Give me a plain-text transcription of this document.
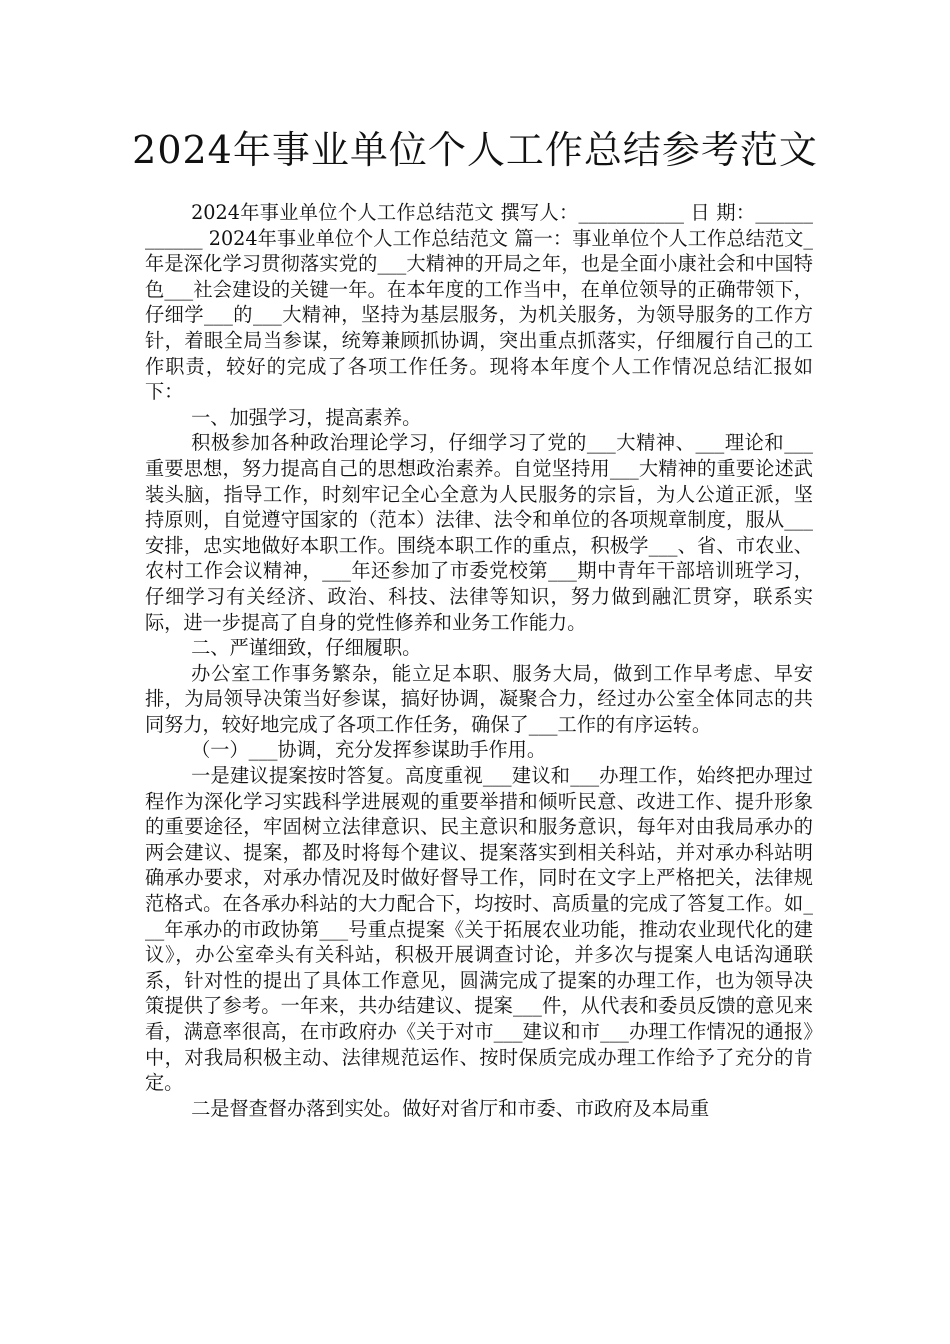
2024年事业单位个人工作总结参考范文

2024年事业单位个人工作总结范文 撰写人：___________ 日 期：____________ 2024年事业单位个人工作总结范文 篇一：事业单位个人工作总结范文_年是深化学习贯彻落实党的___大精神的开局之年，也是全面小康社会和中国特色___社会建设的关键一年。在本年度的工作当中，在单位领导的正确带领下，仔细学___的___大精神，坚持为基层服务，为机关服务，为领导服务的工作方针，着眼全局当参谋，统筹兼顾抓协调，突出重点抓落实，仔细履行自己的工作职责，较好的完成了各项工作任务。现将本年度个人工作情况总结汇报如下：

一、加强学习，提高素养。

积极参加各种政治理论学习，仔细学习了党的___大精神、___理论和___重要思想，努力提高自己的思想政治素养。自觉坚持用___大精神的重要论述武装头脑，指导工作，时刻牢记全心全意为人民服务的宗旨，为人公道正派，坚持原则，自觉遵守国家的（范本）法律、法令和单位的各项规章制度，服从___安排，忠实地做好本职工作。围绕本职工作的重点，积极学___、省、市农业、农村工作会议精神，___年还参加了市委党校第___期中青年干部培训班学习，仔细学习有关经济、政治、科技、法律等知识，努力做到融汇贯穿，联系实际，进一步提高了自身的党性修养和业务工作能力。

二、严谨细致，仔细履职。

办公室工作事务繁杂，能立足本职、服务大局，做到工作早考虑、早安排，为局领导决策当好参谋，搞好协调，凝聚合力，经过办公室全体同志的共同努力，较好地完成了各项工作任务，确保了___工作的有序运转。

（一）___协调，充分发挥参谋助手作用。

一是建议提案按时答复。高度重视___建议和___办理工作，始终把办理过程作为深化学习实践科学进展观的重要举措和倾听民意、改进工作、提升形象的重要途径，牢固树立法律意识、民主意识和服务意识，每年对由我局承办的两会建议、提案，都及时将每个建议、提案落实到相关科站，并对承办科站明确承办要求，对承办情况及时做好督导工作，同时在文字上严格把关，法律规范格式。在各承办科站的大力配合下，均按时、高质量的完成了答复工作。如___年承办的市政协第___号重点提案《关于拓展农业功能，推动农业现代化的建议》，办公室牵头有关科站，积极开展调查讨论，并多次与提案人电话沟通联系，针对性的提出了具体工作意见，圆满完成了提案的办理工作，也为领导决策提供了参考。一年来，共办结建议、提案___件，从代表和委员反馈的意见来看，满意率很高，在市政府办《关于对市___建议和市___办理工作情况的通报》中，对我局积极主动、法律规范运作、按时保质完成办理工作给予了充分的肯定。

二是督查督办落到实处。做好对省厅和市委、市政府及本局重
